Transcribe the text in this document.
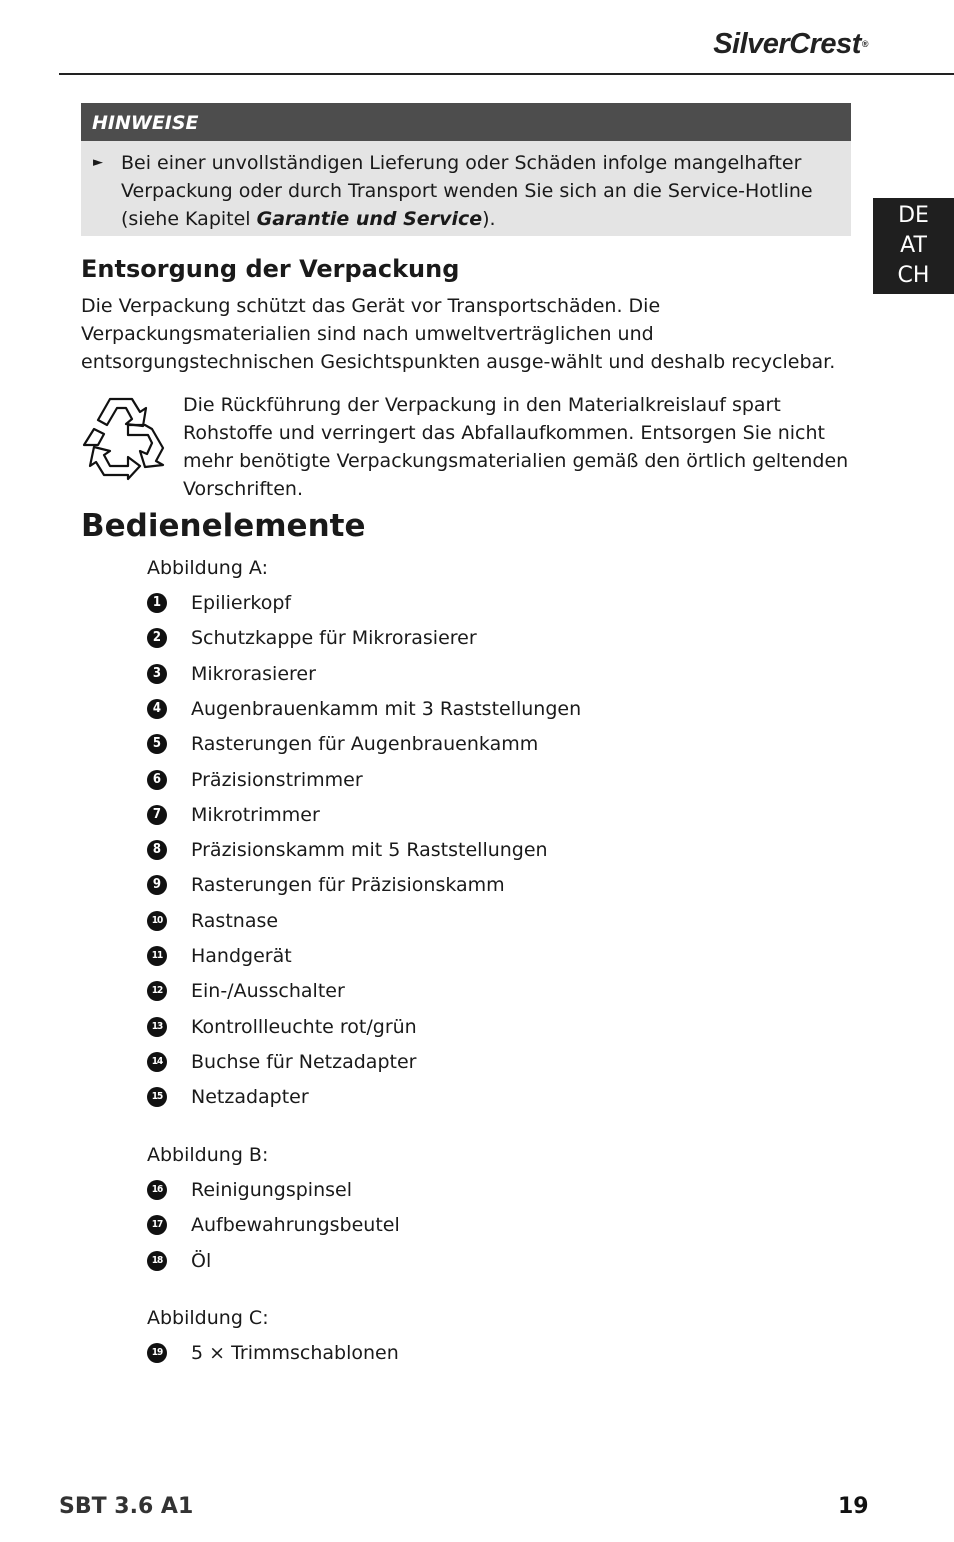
SilverCrest®
DE
AT
CH
HINWEISE
► Bei einer unvollständigen Lieferung oder Schäden infolge mangelhafter Verpackung oder durch Transport wenden Sie sich an die Service-Hotline (siehe Kapitel Garantie und Service).
Entsorgung der Verpackung
Die Verpackung schützt das Gerät vor Transportschäden. Die Verpackungsmaterialien sind nach umweltverträglichen und entsorgungstechnischen Gesichtspunkten ausge-wählt und deshalb recyclebar.
Die Rückführung der Verpackung in den Materialkreislauf spart Rohstoffe und verringert das Abfallaufkommen. Entsorgen Sie nicht mehr benötigte Verpackungsmaterialien gemäß den örtlich geltenden Vorschriften.
Bedienelemente
Abbildung A:
1	Epilierkopf
2	Schutzkappe für Mikrorasierer
3	Mikrorasierer
4	Augenbrauenkamm mit 3 Raststellungen
5	Rasterungen für Augenbrauenkamm
6	Präzisionstrimmer
7	Mikrotrimmer
8	Präzisionskamm mit 5 Raststellungen
9	Rasterungen für Präzisionskamm
10 Rastnase
11 Handgerät
12 Ein-/Ausschalter
13 Kontrollleuchte rot/grün
14 Buchse für Netzadapter
15 Netzadapter
Abbildung B:
16 Reinigungspinsel
17 Aufbewahrungsbeutel
18 Öl
Abbildung C:
19 5 × Trimmschablonen
SBT 3.6 A1	19
